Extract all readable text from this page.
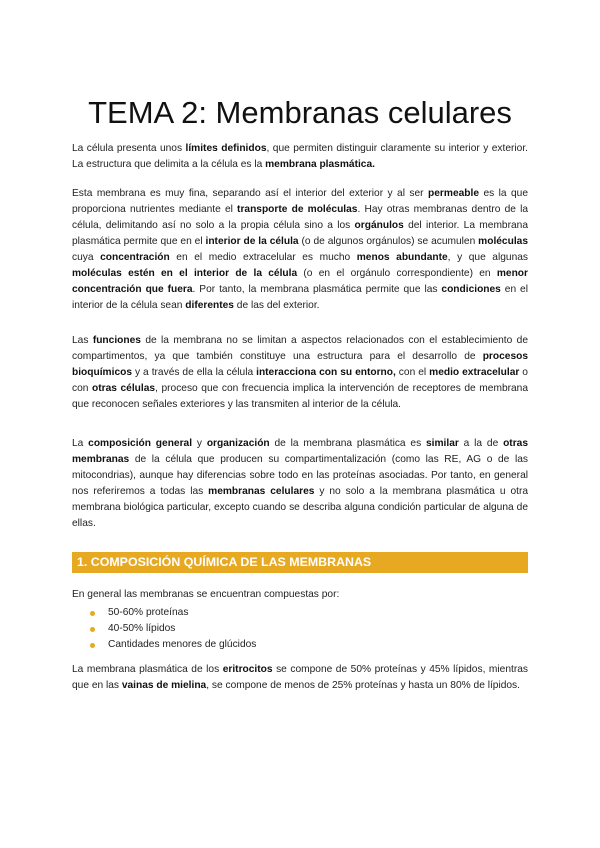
TEMA 2: Membranas celulares

La célula presenta unos límites definidos, que permiten distinguir claramente su interior y exterior. La estructura que delimita a la célula es la membrana plasmática.

Esta membrana es muy fina, separando así el interior del exterior y al ser permeable es la que proporciona nutrientes mediante el transporte de moléculas. Hay otras membranas dentro de la célula, delimitando así no solo a la propia célula sino a los orgánulos del interior. La membrana plasmática permite que en el interior de la célula (o de algunos orgánulos) se acumulen moléculas cuya concentración en el medio extracelular es mucho menos abundante, y que algunas moléculas estén en el interior de la célula (o en el orgánulo correspondiente) en menor concentración que fuera. Por tanto, la membrana plasmática permite que las condiciones en el interior de la célula sean diferentes de las del exterior.

Las funciones de la membrana no se limitan a aspectos relacionados con el establecimiento de compartimentos, ya que también constituye una estructura para el desarrollo de procesos bioquímicos y a través de ella la célula interacciona con su entorno, con el medio extracelular o con otras células, proceso que con frecuencia implica la intervención de receptores de membrana que reconocen señales exteriores y las transmiten al interior de la célula.

La composición general y organización de la membrana plasmática es similar a la de otras membranas de la célula que producen su compartimentalización (como las RE, AG o de las mitocondrias), aunque hay diferencias sobre todo en las proteínas asociadas. Por tanto, en general nos referiremos a todas las membranas celulares y no solo a la membrana plasmática u otra membrana biológica particular, excepto cuando se describa alguna condición particular de alguna de ellas.

1. COMPOSICIÓN QUÍMICA DE LAS MEMBRANAS

En general las membranas se encuentran compuestas por:

50-60% proteínas
40-50% lípidos
Cantidades menores de glúcidos

La membrana plasmática de los eritrocitos se compone de 50% proteínas y 45% lípidos, mientras que en las vainas de mielina, se compone de menos de 25% proteínas y hasta un 80% de lípidos.
